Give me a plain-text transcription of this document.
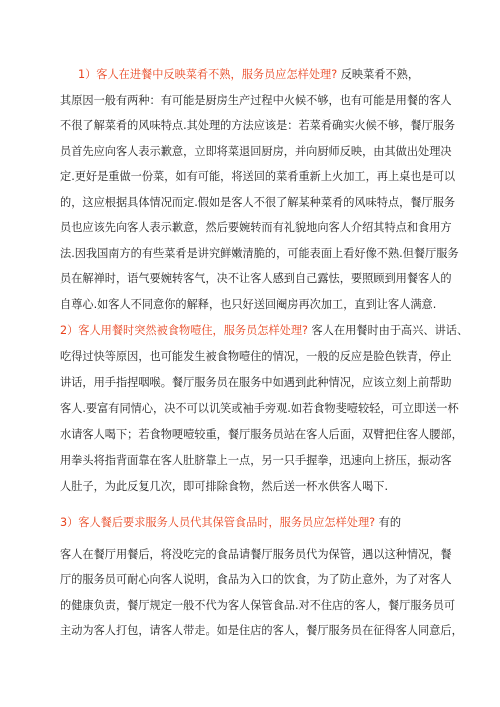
1）客人在进餐中反映菜肴不熟，服务员应怎样处理? 反映菜肴不熟，
其原因一般有两种：有可能是厨房生产过程中火候不够，也有可能是用餐的客人
不很了解菜肴的风味特点.其处理的方法应该是：若菜肴确实火候不够，餐厅服务
员首先应向客人表示歉意，立即将菜退回厨房，并向厨师反映，由其做出处理决
定.更好是重做一份菜，如有可能，将送回的菜肴重新上火加工，再上桌也是可以
的，这应根据具体情况而定.假如是客人不很了解某种菜肴的风味特点，餐厅服务
员也应该先向客人表示歉意，然后要婉转而有礼貌地向客人介绍其特点和食用方
法.因我国南方的有些菜肴是讲究鲜嫩清脆的，可能表面上看好像不熟.但餐厅服务
员在解禅时，语气要婉转客气，决不让客人感到自己露怯，要照顾到用餐客人的
自尊心.如客人不同意你的解释，也只好送回阉房再次加工，直到让客人满意.
2）客人用餐时突然被食物噎住，服务员怎样处理? 客人在用餐时由于高兴、讲话、
吃得过快等原因，也可能发生被食物噎住的情况，一般的反应是脸色铁青，停止
讲话，用手指捏咽喉。餐厅服务员在服务中如遇到此种情况，应该立刻上前帮助
客人.要富有同情心，决不可以讥笑或袖手旁观.如若食物斐噎较轻，可立即送一杯
水请客人喝下；若食物哽噎较重，餐厅服务员站在客人后面，双臂把住客人腰部，
用拳头将指背面靠在客人肚脐靠上一点，另一只手握拳，迅速向上挤压，振动客
人肚子，为此反复几次，即可排除食物，然后送一杯水供客人喝下.
3）客人餐后要求服务人员代其保管食品时，服务员应怎样处理? 有的
客人在餐厅用餐后，将没吃完的食品请餐厅服务员代为保管，遇以这种情况，餐
厅的服务员可耐心向客人说明，食品为入口的饮食，为了防止意外，为了对客人
的健康负责，餐厅规定一般不代为客人保管食品.对不住店的客人，餐厅服务员可
主动为客人打包，请客人带走。如是住店的客人，餐厅服务员在征得客人同意后，
